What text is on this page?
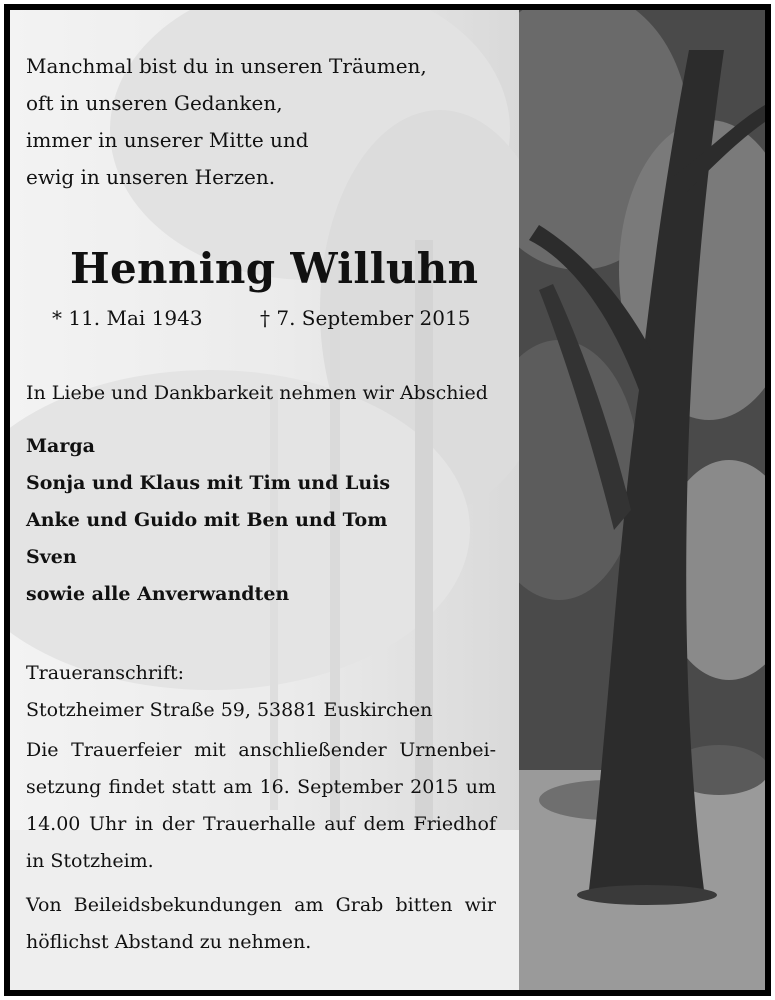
Manchmal bist du in unseren Träumen,
oft in unseren Gedanken,
immer in unserer Mitte und
ewig in unseren Herzen.
Henning Willuhn
* 11. Mai 1943	† 7. September 2015
In Liebe und Dankbarkeit nehmen wir Abschied
Marga
Sonja und Klaus mit Tim und Luis
Anke und Guido mit Ben und Tom
Sven
sowie alle Anverwandten
Traueranschrift:
Stotzheimer Straße 59, 53881 Euskirchen
Die Trauerfeier mit anschließender Urnenbei-
setzung findet statt am 16. September 2015 um
14.00 Uhr in der Trauerhalle auf dem Friedhof
in Stotzheim.
Von Beileidsbekundungen am Grab bitten wir
höflichst Abstand zu nehmen.
